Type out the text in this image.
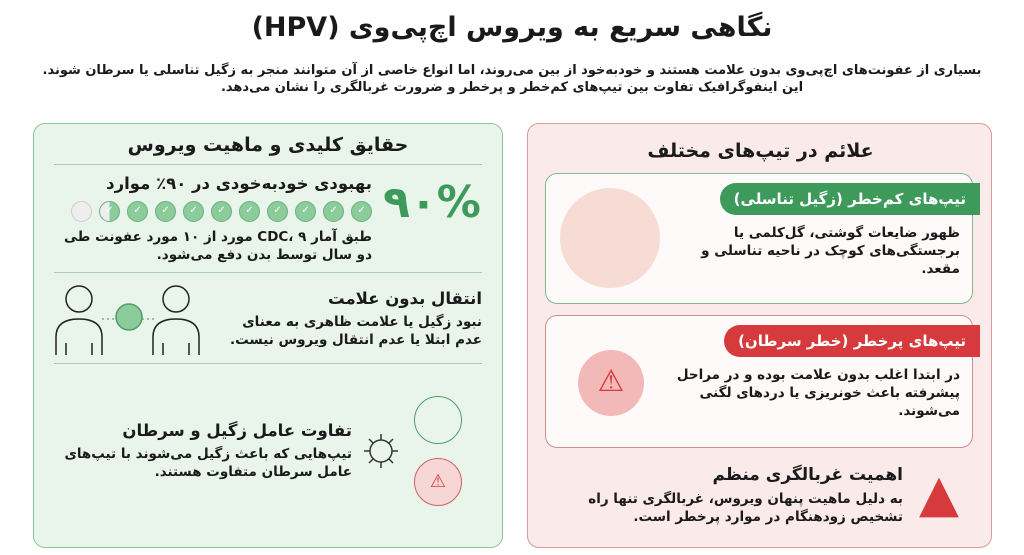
نگاهی سریع به ویروس اچ‌پی‌وی (HPV)
بسیاری از عفونت‌های اچ‌پی‌وی بدون علامت هستند و خودبه‌خود از بین می‌روند، اما انواع خاصی از آن متوانند منجر به زگیل تناسلی یا سرطان شوند.
این اینفوگرافیک تفاوت بین تیپ‌های کم‌خطر و پرخطر و ضرورت غربالگری را نشان می‌دهد.
حقایق کلیدی و ماهیت ویروس
۹۰%
بهبودی خودبه‌خودی در ۹۰٪ موارد
✓
✓
✓
✓
✓
✓
✓
✓
✓
✓
طبق آمار CDC، ۹ مورد از ۱۰ مورد عفونت طی دو سال توسط بدن دفع می‌شود.
انتقال بدون علامت
نبود زگیل یا علامت ظاهری به معنای عدم ابتلا یا عدم انتقال ویروس نیست.
⚠
تفاوت عامل زگیل و سرطان
تیپ‌هایی که باعث زگیل می‌شوند با تیپ‌های عامل سرطان متفاوت هستند.
علائم در تیپ‌های مختلف
تیپ‌های کم‌خطر (زگیل تناسلی)
ظهور ضایعات گوشتی، گل‌کلمی یا برجستگی‌های کوچک در ناحیه تناسلی و مقعد.
⚠
تیپ‌های پرخطر (خطر سرطان)
در ابتدا اغلب بدون علامت بوده و در مراحل پیشرفته باعث خونریزی یا دردهای لگنی می‌شوند.
▲
اهمیت غربالگری منظم
به دلیل ماهیت پنهان ویروس، غربالگری تنها راه تشخیص زودهنگام در موارد پرخطر است.
